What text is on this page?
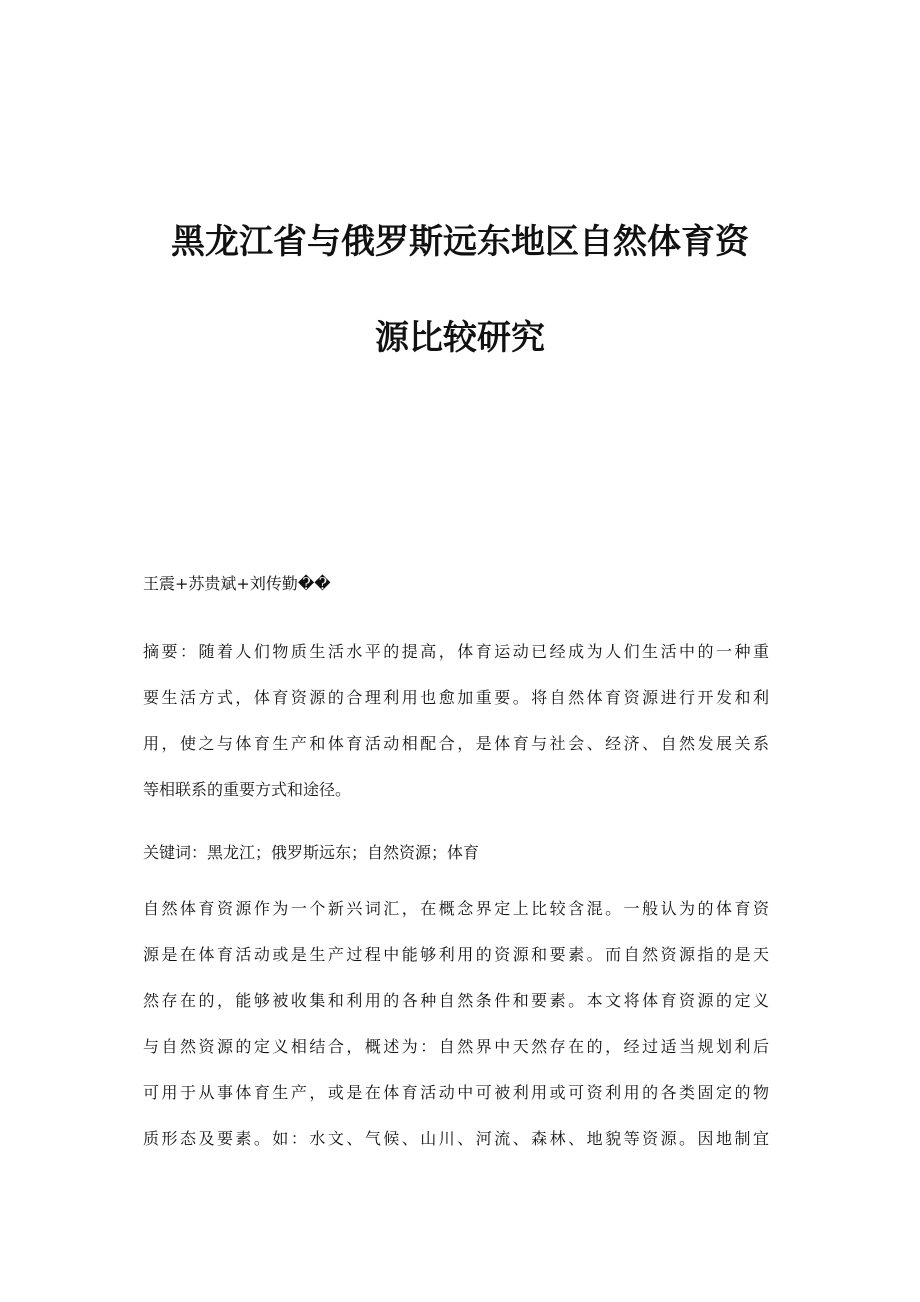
黑龙江省与俄罗斯远东地区自然体育资
源比较研究

王震+苏贵斌+刘传勤��

摘要：随着人们物质生活水平的提高，体育运动已经成为人们生活中的一种重
要生活方式，体育资源的合理利用也愈加重要。将自然体育资源进行开发和利
用，使之与体育生产和体育活动相配合，是体育与社会、经济、自然发展关系
等相联系的重要方式和途径。

关键词：黑龙江；俄罗斯远东；自然资源；体育

自然体育资源作为一个新兴词汇，在概念界定上比较含混。一般认为的体育资
源是在体育活动或是生产过程中能够利用的资源和要素。而自然资源指的是天
然存在的，能够被收集和利用的各种自然条件和要素。本文将体育资源的定义
与自然资源的定义相结合，概述为：自然界中天然存在的，经过适当规划利后
可用于从事体育生产，或是在体育活动中可被利用或可资利用的各类固定的物
质形态及要素。如：水文、气候、山川、河流、森林、地貌等资源。因地制宜
